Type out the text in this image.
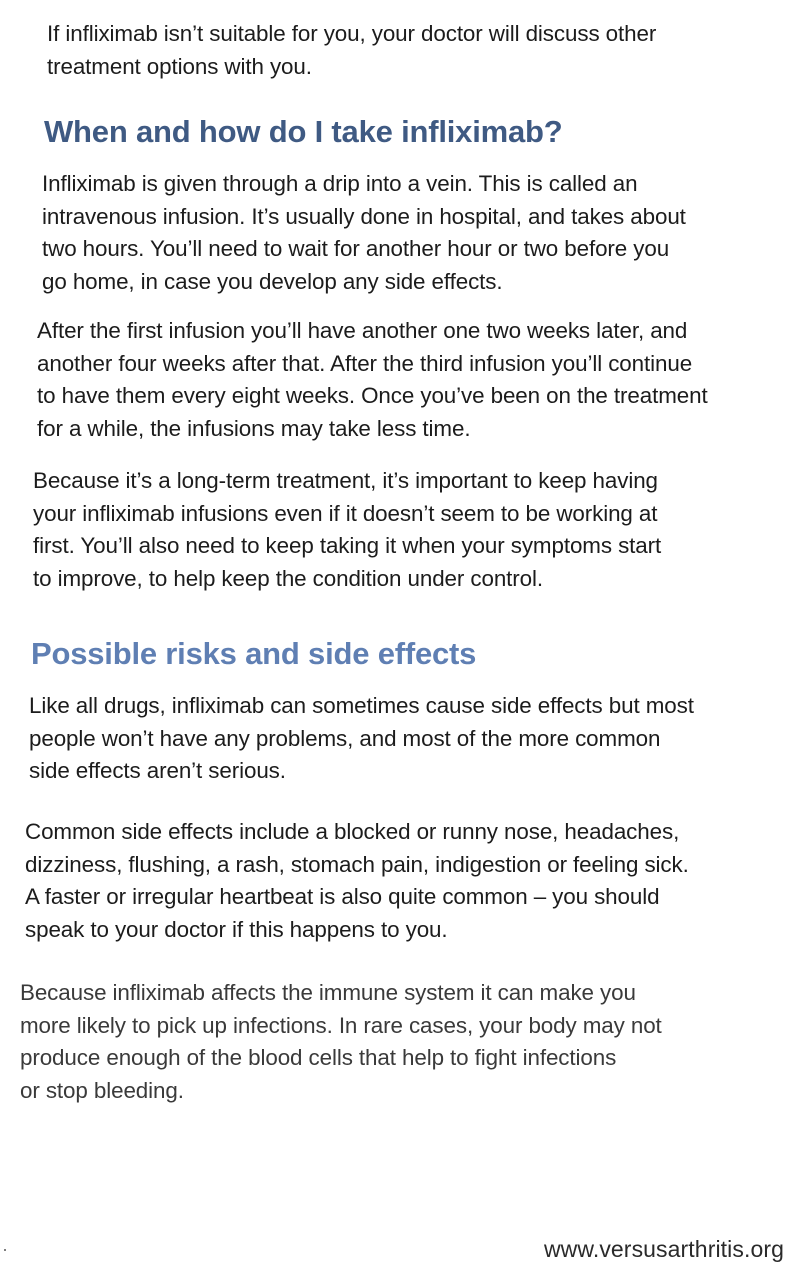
If infliximab isn’t suitable for you, your doctor will discuss other
treatment options with you.

When and how do I take infliximab?

Infliximab is given through a drip into a vein. This is called an
intravenous infusion. It’s usually done in hospital, and takes about
two hours. You’ll need to wait for another hour or two before you
go home, in case you develop any side effects.

After the first infusion you’ll have another one two weeks later, and
another four weeks after that. After the third infusion you’ll continue
to have them every eight weeks. Once you’ve been on the treatment
for a while, the infusions may take less time.

Because it’s a long-term treatment, it’s important to keep having
your infliximab infusions even if it doesn’t seem to be working at
first. You’ll also need to keep taking it when your symptoms start
to improve, to help keep the condition under control.

Possible risks and side effects

Like all drugs, infliximab can sometimes cause side effects but most
people won’t have any problems, and most of the more common
side effects aren’t serious.

Common side effects include a blocked or runny nose, headaches,
dizziness, flushing, a rash, stomach pain, indigestion or feeling sick.
A faster or irregular heartbeat is also quite common – you should
speak to your doctor if this happens to you.

Because infliximab affects the immune system it can make you
more likely to pick up infections. In rare cases, your body may not
produce enough of the blood cells that help to fight infections
or stop bleeding.

www.versusarthritis.org
